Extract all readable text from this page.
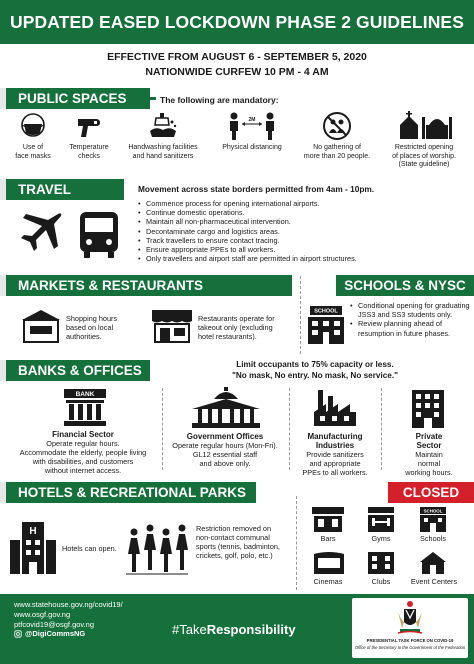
UPDATED EASED LOCKDOWN PHASE 2 GUIDELINES
EFFECTIVE FROM AUGUST 6 - SEPTEMBER 5, 2020
NATIONWIDE CURFEW 10 PM - 4 AM
PUBLIC SPACES	The following are mandatory:
Use of
face masks
Temperature
checks
Handwashing facilities
and hand sanitizers
2M
Physical distancing	No gathering of
more than 20 people.
Restricted opening
of places of worship.
(State guideline)
TRAVEL	Movement across state borders permitted from 4am - 10pm.
• Commence process for opening international airports.
• Continue domestic operations.
• Maintain all non-pharmaceutical intervention.
• Decontaminate cargo and logistics areas.
• Track travellers to ensure contact tracing.
• Ensure appropriate PPEs to all workers.
• Only travellers and airport staff are permitted in airport structures.
MARKETS & RESTAURANTS	SCHOOLS & NYSC
Shopping hours
based on local
authorities.
Restaurants operate for
takeout only (excluding
hotel restaurants).
SCHOOL
• Conditional opening for graduating JSS3 and SS3 students only.
• Review planning ahead of resumption in future phases.
BANKS & OFFICES	Limit occupants to 75% capacity or less.
"No mask, No entry. No mask, No service."
BANK
Financial Sector
Operate regular hours.
Accommodate the elderly, people living
with disabilities, and customers
without internet access.
Government Offices
Operate regular hours (Mon-Fri).
GL12 essential staff
and above only.
Manufacturing
Industries
Provide sanitizers
and appropriate
PPEs to all workers.
Private
Sector
Maintain
normal
working hours.
HOTELS & RECREATIONAL PARKS	CLOSED
H
Hotels can open.
Restriction removed on
non-contact communal
sports (tennis, badminton,
crickets, golf, polo, etc.)
Bars	Gyms
SCHOOL
Schools
Cinemas	Clubs	Event Centers
www.statehouse.gov.ng/covid19/
www.osgf.gov.ng
ptfcovid19@osgf.gov.ng
@DigiCommsNG	#TakeResponsibility
PRESIDENTIAL TASK FORCE ON COVID-19
Office of the Secretary to the Government of the Federation
